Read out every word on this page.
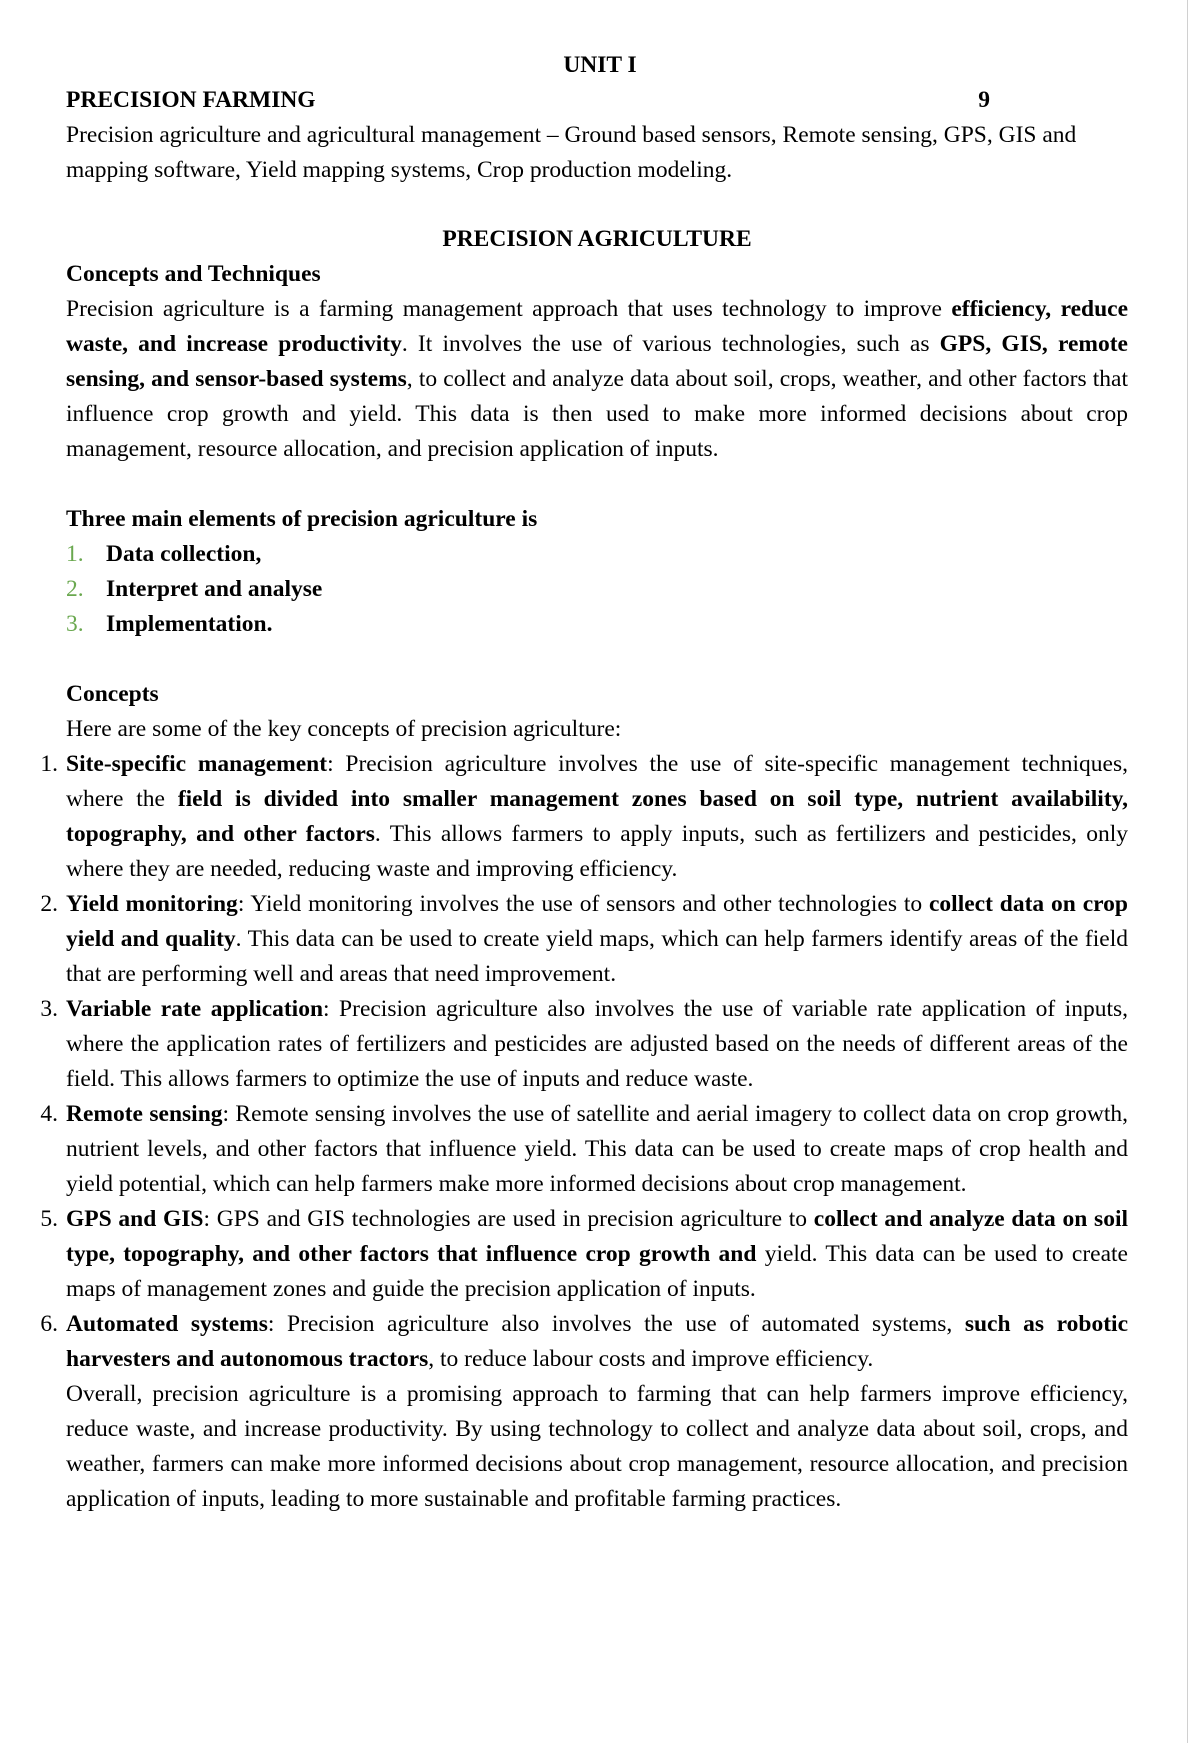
UNIT I
PRECISION FARMING	9
Precision agriculture and agricultural management – Ground based sensors, Remote sensing, GPS, GIS and mapping software, Yield mapping systems, Crop production modeling.
PRECISION AGRICULTURE
Concepts and Techniques
Precision agriculture is a farming management approach that uses technology to improve efficiency, reduce waste, and increase productivity. It involves the use of various technologies, such as GPS, GIS, remote sensing, and sensor-based systems, to collect and analyze data about soil, crops, weather, and other factors that influence crop growth and yield. This data is then used to make more informed decisions about crop management, resource allocation, and precision application of inputs.
Three main elements of precision agriculture is
1. Data collection,
2. Interpret and analyse
3. Implementation.
Concepts
Here are some of the key concepts of precision agriculture:
1. Site-specific management: Precision agriculture involves the use of site-specific management techniques, where the field is divided into smaller management zones based on soil type, nutrient availability, topography, and other factors. This allows farmers to apply inputs, such as fertilizers and pesticides, only where they are needed, reducing waste and improving efficiency.
2. Yield monitoring: Yield monitoring involves the use of sensors and other technologies to collect data on crop yield and quality. This data can be used to create yield maps, which can help farmers identify areas of the field that are performing well and areas that need improvement.
3. Variable rate application: Precision agriculture also involves the use of variable rate application of inputs, where the application rates of fertilizers and pesticides are adjusted based on the needs of different areas of the field. This allows farmers to optimize the use of inputs and reduce waste.
4. Remote sensing: Remote sensing involves the use of satellite and aerial imagery to collect data on crop growth, nutrient levels, and other factors that influence yield. This data can be used to create maps of crop health and yield potential, which can help farmers make more informed decisions about crop management.
5. GPS and GIS: GPS and GIS technologies are used in precision agriculture to collect and analyze data on soil type, topography, and other factors that influence crop growth and yield. This data can be used to create maps of management zones and guide the precision application of inputs.
6. Automated systems: Precision agriculture also involves the use of automated systems, such as robotic harvesters and autonomous tractors, to reduce labour costs and improve efficiency.
Overall, precision agriculture is a promising approach to farming that can help farmers improve efficiency, reduce waste, and increase productivity. By using technology to collect and analyze data about soil, crops, and weather, farmers can make more informed decisions about crop management, resource allocation, and precision application of inputs, leading to more sustainable and profitable farming practices.
